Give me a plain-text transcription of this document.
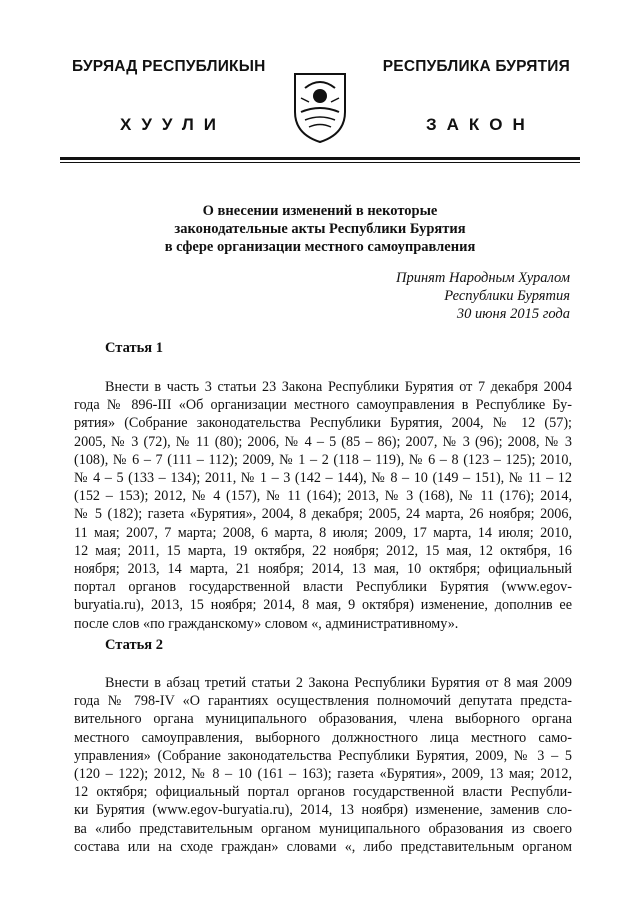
БУРЯАД РЕСПУБЛИКЫН	РЕСПУБЛИКА БУРЯТИЯ
ХУУЛИ	ЗАКОН
О внесении изменений в некоторые
законодательные акты Республики Бурятия
в сфере организации местного самоуправления
Принят Народным Хуралом
Республики Бурятия
30 июня 2015 года
Статья 1
Внести в часть 3 статьи 23 Закона Республики Бурятия от 7 декабря 2004
года № 896-III «Об организации местного самоуправления в Республике Бу-
рятия» (Собрание законодательства Республики Бурятия, 2004, № 12 (57);
2005, № 3 (72), № 11 (80); 2006, № 4 – 5 (85 – 86); 2007, № 3 (96); 2008, № 3
(108), № 6 – 7 (111 – 112); 2009, № 1 – 2 (118 – 119), № 6 – 8 (123 – 125); 2010,
№ 4 – 5 (133 – 134); 2011, № 1 – 3 (142 – 144), № 8 – 10 (149 – 151), № 11 – 12
(152 – 153); 2012, № 4 (157), № 11 (164); 2013, № 3 (168), № 11 (176); 2014,
№ 5 (182); газета «Бурятия», 2004, 8 декабря; 2005, 24 марта, 26 ноября; 2006,
11 мая; 2007, 7 марта; 2008, 6 марта, 8 июля; 2009, 17 марта, 14 июля; 2010,
12 мая; 2011, 15 марта, 19 октября, 22 ноября; 2012, 15 мая, 12 октября, 16
ноября; 2013, 14 марта, 21 ноября; 2014, 13 мая, 10 октября; официальный
портал органов государственной власти Республики Бурятия (www.egov-
buryatia.ru), 2013, 15 ноября; 2014, 8 мая, 9 октября) изменение, дополнив ее
после слов «по гражданскому» словом «, административному».
Статья 2
Внести в абзац третий статьи 2 Закона Республики Бурятия от 8 мая 2009
года № 798-IV «О гарантиях осуществления полномочий депутата предста-
вительного органа муниципального образования, члена выборного органа
местного самоуправления, выборного должностного лица местного само-
управления» (Собрание законодательства Республики Бурятия, 2009, № 3 – 5
(120 – 122); 2012, № 8 – 10 (161 – 163); газета «Бурятия», 2009, 13 мая; 2012,
12 октября; официальный портал органов государственной власти Республи-
ки Бурятия (www.egov-buryatia.ru), 2014, 13 ноября) изменение, заменив сло-
ва «либо представительным органом муниципального образования из своего
состава или на сходе граждан» словами «, либо представительным органом
